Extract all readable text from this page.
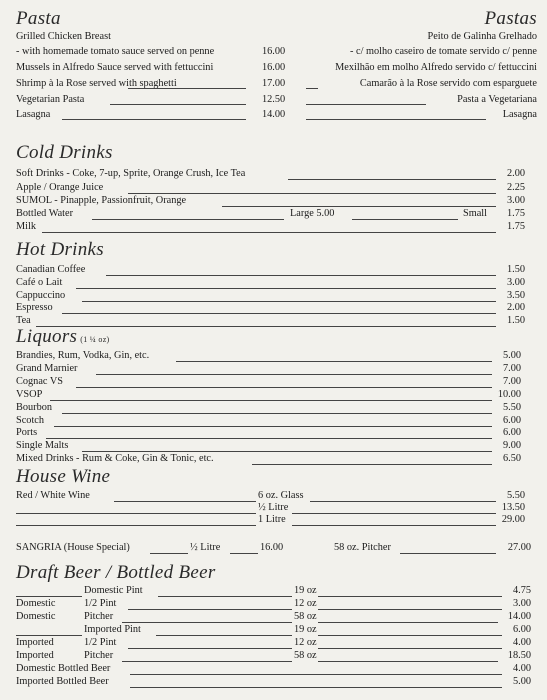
Pasta	Pastas
Grilled Chicken Breast	Peito de Galinha Grelhado
- with homemade tomato sauce served on penne	16.00	- c/ molho caseiro de tomate servido c/ penne
Mussels in Alfredo Sauce served with fettuccini	16.00	Mexilhão em molho Alfredo servido c/ fettuccini
Shrimp à la Rose served with spaghetti	17.00	Camarão à la Rose servido com esparguete
Vegetarian Pasta	12.50	Pasta a Vegetariana
Lasagna	14.00	Lasagna
Cold Drinks
Soft Drinks - Coke, 7-up, Sprite, Orange Crush, Ice Tea	2.00
Apple / Orange Juice	2.25
SUMOL - Pinapple, Passionfruit, Orange	3.00
Bottled Water	Large 5.00	Small 1.75
Milk	1.75
Hot Drinks
Canadian Coffee	1.50
Café o Lait	3.00
Cappuccino	3.50
Espresso	2.00
Tea	1.50
Liquors (1 ¼ oz)
Brandies, Rum, Vodka, Gin, etc.	5.00
Grand Marnier	7.00
Cognac VS	7.00
VSOP	10.00
Bourbon	5.50
Scotch	6.00
Ports	6.00
Single Malts	9.00
Mixed Drinks - Rum & Coke, Gin & Tonic, etc.	6.50
House Wine
Red / White Wine	6 oz. Glass	5.50
½ Litre	13.50
1 Litre	29.00
SANGRIA (House Special)	½ Litre	16.00	58 oz. Pitcher	27.00
Draft Beer / Bottled Beer
Domestic Pint	19 oz	4.75
Domestic	1/2 Pint	12 oz	3.00
Domestic	Pitcher	58 oz	14.00
Imported Pint	19 oz	6.00
Imported	1/2 Pint	12 oz	4.00
Imported	Pitcher	58 oz	18.50
Domestic Bottled Beer	4.00
Imported Bottled Beer	5.00
